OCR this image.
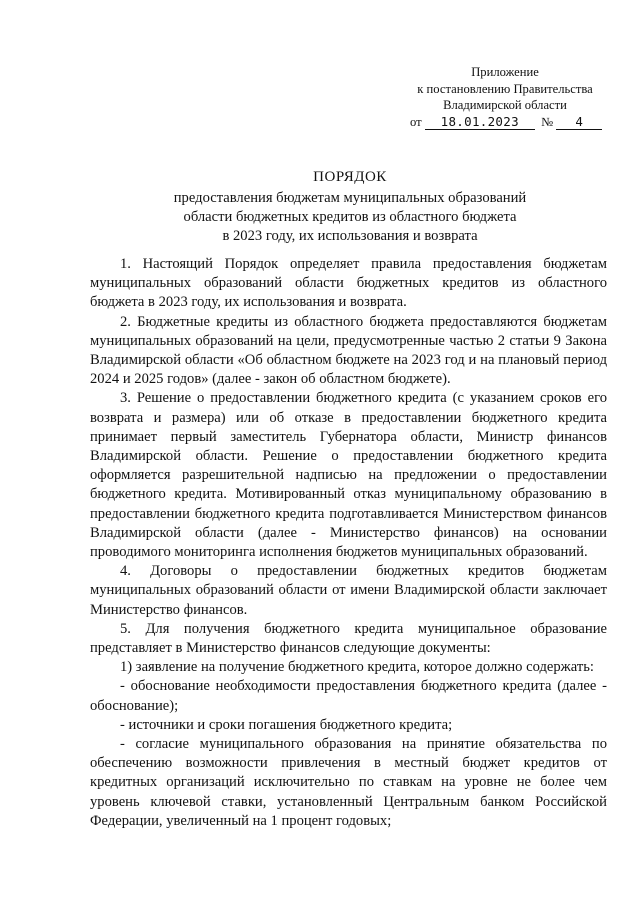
Приложение
к постановлению Правительства
Владимирской области
от 18.01.2023 № 4
ПОРЯДОК
предоставления бюджетам муниципальных образований
области бюджетных кредитов из областного бюджета
в 2023 году, их использования и возврата

1. Настоящий Порядок определяет правила предоставления бюджетам муниципальных образований области бюджетных кредитов из областного бюджета в 2023 году, их использования и возврата.

2. Бюджетные кредиты из областного бюджета предоставляются бюджетам муниципальных образований на цели, предусмотренные частью 2 статьи 9 Закона Владимирской области «Об областном бюджете на 2023 год и на плановый период 2024 и 2025 годов» (далее - закон об областном бюджете).

3. Решение о предоставлении бюджетного кредита (с указанием сроков его возврата и размера) или об отказе в предоставлении бюджетного кредита принимает первый заместитель Губернатора области, Министр финансов Владимирской области. Решение о предоставлении бюджетного кредита оформляется разрешительной надписью на предложении о предоставлении бюджетного кредита. Мотивированный отказ муниципальному образованию в предоставлении бюджетного кредита подготавливается Министерством финансов Владимирской области (далее - Министерство финансов) на основании проводимого мониторинга исполнения бюджетов муниципальных образований.

4. Договоры о предоставлении бюджетных кредитов бюджетам муниципальных образований области от имени Владимирской области заключает Министерство финансов.

5. Для получения бюджетного кредита муниципальное образование представляет в Министерство финансов следующие документы:

1) заявление на получение бюджетного кредита, которое должно содержать:

- обоснование необходимости предоставления бюджетного кредита (далее - обоснование);

- источники и сроки погашения бюджетного кредита;

- согласие муниципального образования на принятие обязательства по обеспечению возможности привлечения в местный бюджет кредитов от кредитных организаций исключительно по ставкам на уровне не более чем уровень ключевой ставки, установленный Центральным банком Российской Федерации, увеличенный на 1 процент годовых;
